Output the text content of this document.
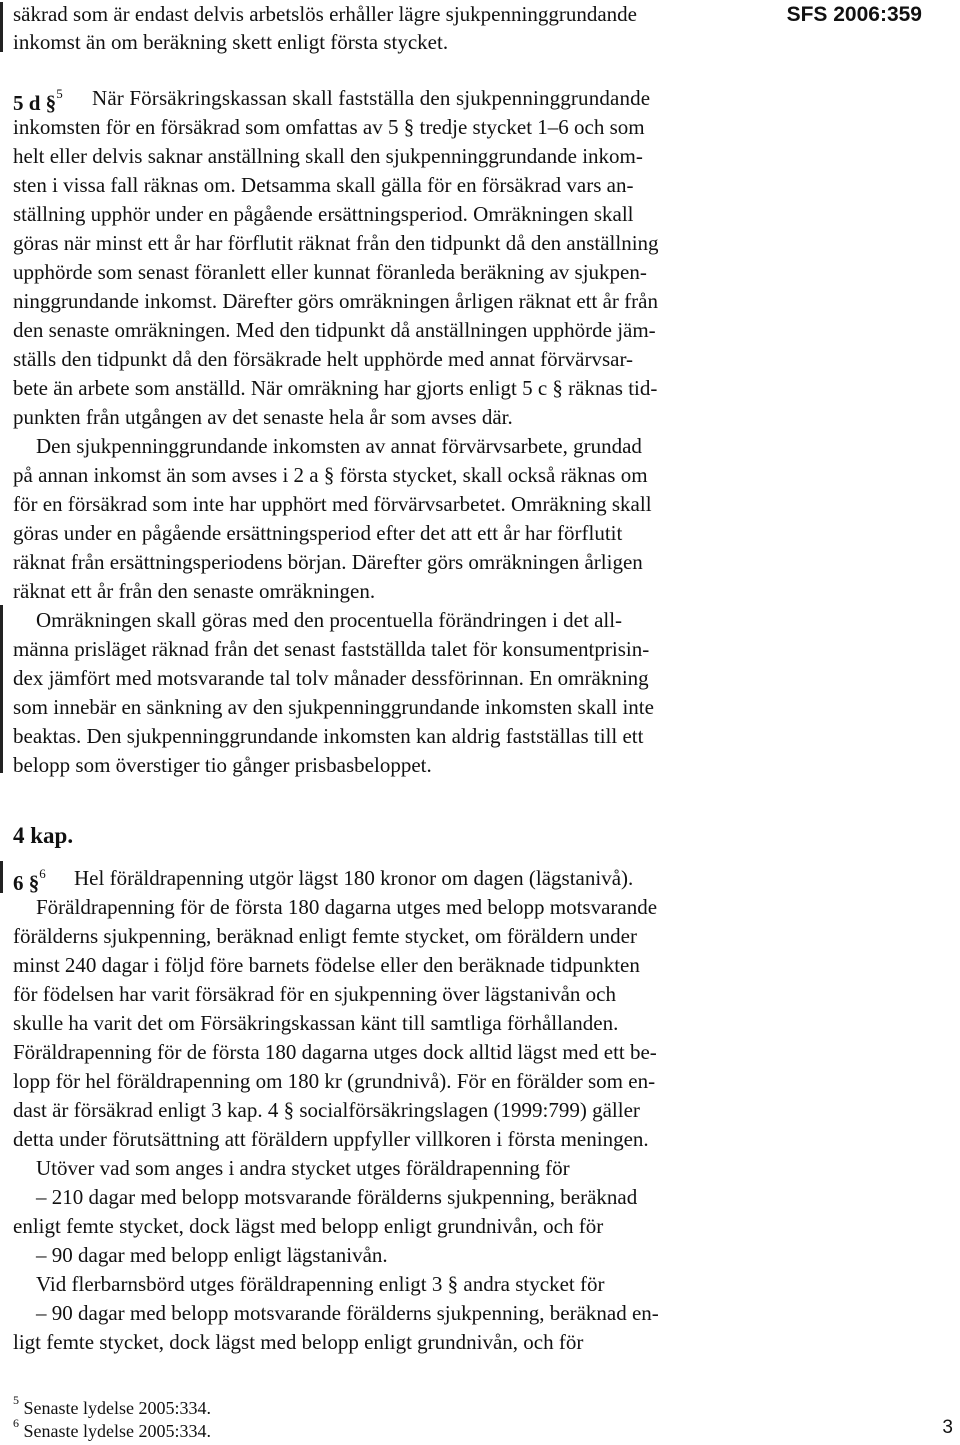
SFS 2006:359
säkrad som är endast delvis arbetslös erhåller lägre sjukpenninggrundande
inkomst än om beräkning skett enligt första stycket.
5 d §$^5$ När Försäkringskassan skall fastställa den sjukpenninggrundande
inkomsten för en försäkrad som omfattas av 5 § tredje stycket 1–6 och som
helt eller delvis saknar anställning skall den sjukpenninggrundande inkom-
sten i vissa fall räknas om. Detsamma skall gälla för en försäkrad vars an-
ställning upphör under en pågående ersättningsperiod. Omräkningen skall
göras när minst ett år har förflutit räknat från den tidpunkt då den anställning
upphörde som senast föranlett eller kunnat föranleda beräkning av sjukpen-
ninggrundande inkomst. Därefter görs omräkningen årligen räknat ett år från
den senaste omräkningen. Med den tidpunkt då anställningen upphörde jäm-
ställs den tidpunkt då den försäkrade helt upphörde med annat förvärvsar-
bete än arbete som anställd. När omräkning har gjorts enligt 5 c § räknas tid-
punkten från utgången av det senaste hela år som avses där.
Den sjukpenninggrundande inkomsten av annat förvärvsarbete, grundad
på annan inkomst än som avses i 2 a § första stycket, skall också räknas om
för en försäkrad som inte har upphört med förvärvsarbetet. Omräkning skall
göras under en pågående ersättningsperiod efter det att ett år har förflutit
räknat från ersättningsperiodens början. Därefter görs omräkningen årligen
räknat ett år från den senaste omräkningen.
Omräkningen skall göras med den procentuella förändringen i det all-
männa prisläget räknad från det senast fastställda talet för konsumentprisin-
dex jämfört med motsvarande tal tolv månader dessförinnan. En omräkning
som innebär en sänkning av den sjukpenninggrundande inkomsten skall inte
beaktas. Den sjukpenninggrundande inkomsten kan aldrig fastställas till ett
belopp som överstiger tio gånger prisbasbeloppet.
4 kap.
6 §$^6$ Hel föräldrapenning utgör lägst 180 kronor om dagen (lägstanivå).
Föräldrapenning för de första 180 dagarna utges med belopp motsvarande
förälderns sjukpenning, beräknad enligt femte stycket, om föräldern under
minst 240 dagar i följd före barnets födelse eller den beräknade tidpunkten
för födelsen har varit försäkrad för en sjukpenning över lägstanivån och
skulle ha varit det om Försäkringskassan känt till samtliga förhållanden.
Föräldrapenning för de första 180 dagarna utges dock alltid lägst med ett be-
lopp för hel föräldrapenning om 180 kr (grundnivå). För en förälder som en-
dast är försäkrad enligt 3 kap. 4 § socialförsäkringslagen (1999:799) gäller
detta under förutsättning att föräldern uppfyller villkoren i första meningen.
Utöver vad som anges i andra stycket utges föräldrapenning för
– 210 dagar med belopp motsvarande förälderns sjukpenning, beräknad
enligt femte stycket, dock lägst med belopp enligt grundnivån, och för
– 90 dagar med belopp enligt lägstanivån.
Vid flerbarnsbörd utges föräldrapenning enligt 3 § andra stycket för
– 90 dagar med belopp motsvarande förälderns sjukpenning, beräknad en-
ligt femte stycket, dock lägst med belopp enligt grundnivån, och för
$^5$ Senaste lydelse 2005:334.
$^6$ Senaste lydelse 2005:334.	3
